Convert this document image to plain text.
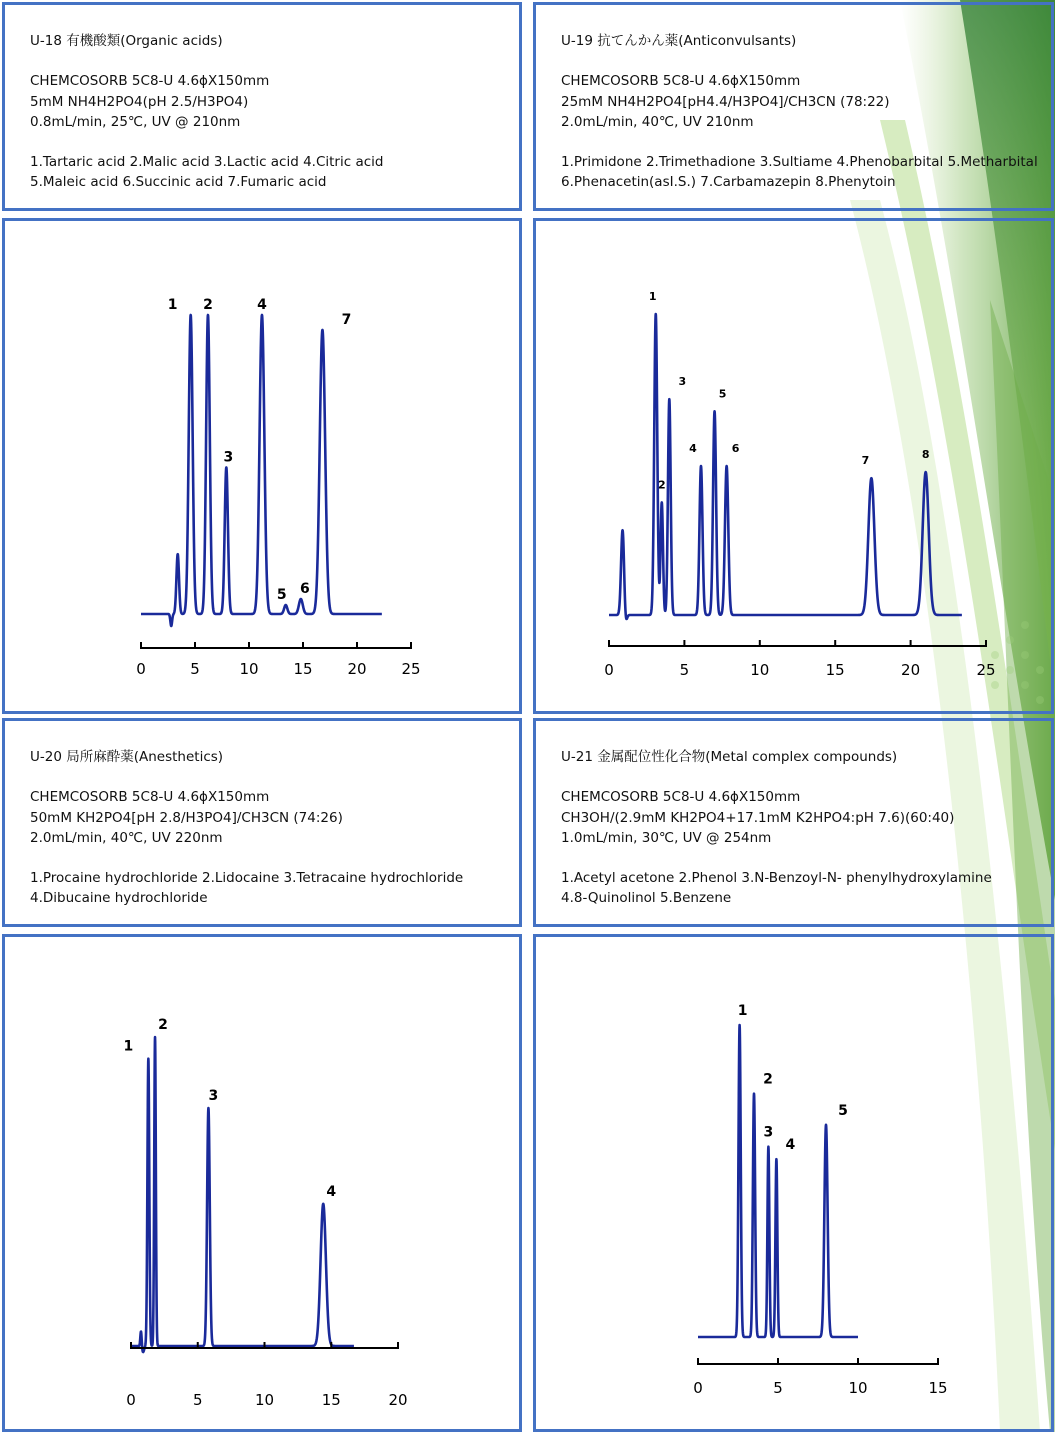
U-18 有機酸類(Organic acids)
CHEMCOSORB 5C8-U 4.6ϕX150mm
5mM NH4H2PO4(pH 2.5/H3PO4)
0.8mL/min, 25℃, UV @ 210nm
1.Tartaric acid 2.Malic acid 3.Lactic acid 4.Citric acid
5.Maleic acid 6.Succinic acid 7.Fumaric acid
U-19 抗てんかん薬(Anticonvulsants)
CHEMCOSORB 5C8-U 4.6ϕX150mm
25mM NH4H2PO4[pH4.4/H3PO4]/CH3CN (78:22)
2.0mL/min, 40℃, UV 210nm
1.Primidone 2.Trimethadione 3.Sultiame 4.Phenobarbital 5.Metharbital
6.Phenacetin(asI.S.) 7.Carbamazepin 8.Phenytoin
0	5	10 15 20 25
1 2
3
4
5 6
7
0	5	10	15	20	25
1
2
3
4
5
6
7	8
U-20 局所麻酔薬(Anesthetics)
CHEMCOSORB 5C8-U 4.6ϕX150mm
50mM KH2PO4[pH 2.8/H3PO4]/CH3CN (74:26)
2.0mL/min, 40℃, UV 220nm
1.Procaine hydrochloride 2.Lidocaine 3.Tetracaine hydrochloride
4.Dibucaine hydrochloride
U-21 金属配位性化合物(Metal complex compounds)
CHEMCOSORB 5C8-U 4.6ϕX150mm
CH3OH/(2.9mM KH2PO4+17.1mM K2HPO4:pH 7.6)(60:40)
1.0mL/min, 30℃, UV @ 254nm
1.Acetyl acetone 2.Phenol 3.N-Benzoyl-N- phenylhydroxylamine
4.8-Quinolinol 5.Benzene
0	5	10	15	20
1
2
3
4
0	5	10	15
1
2
3
4
5
